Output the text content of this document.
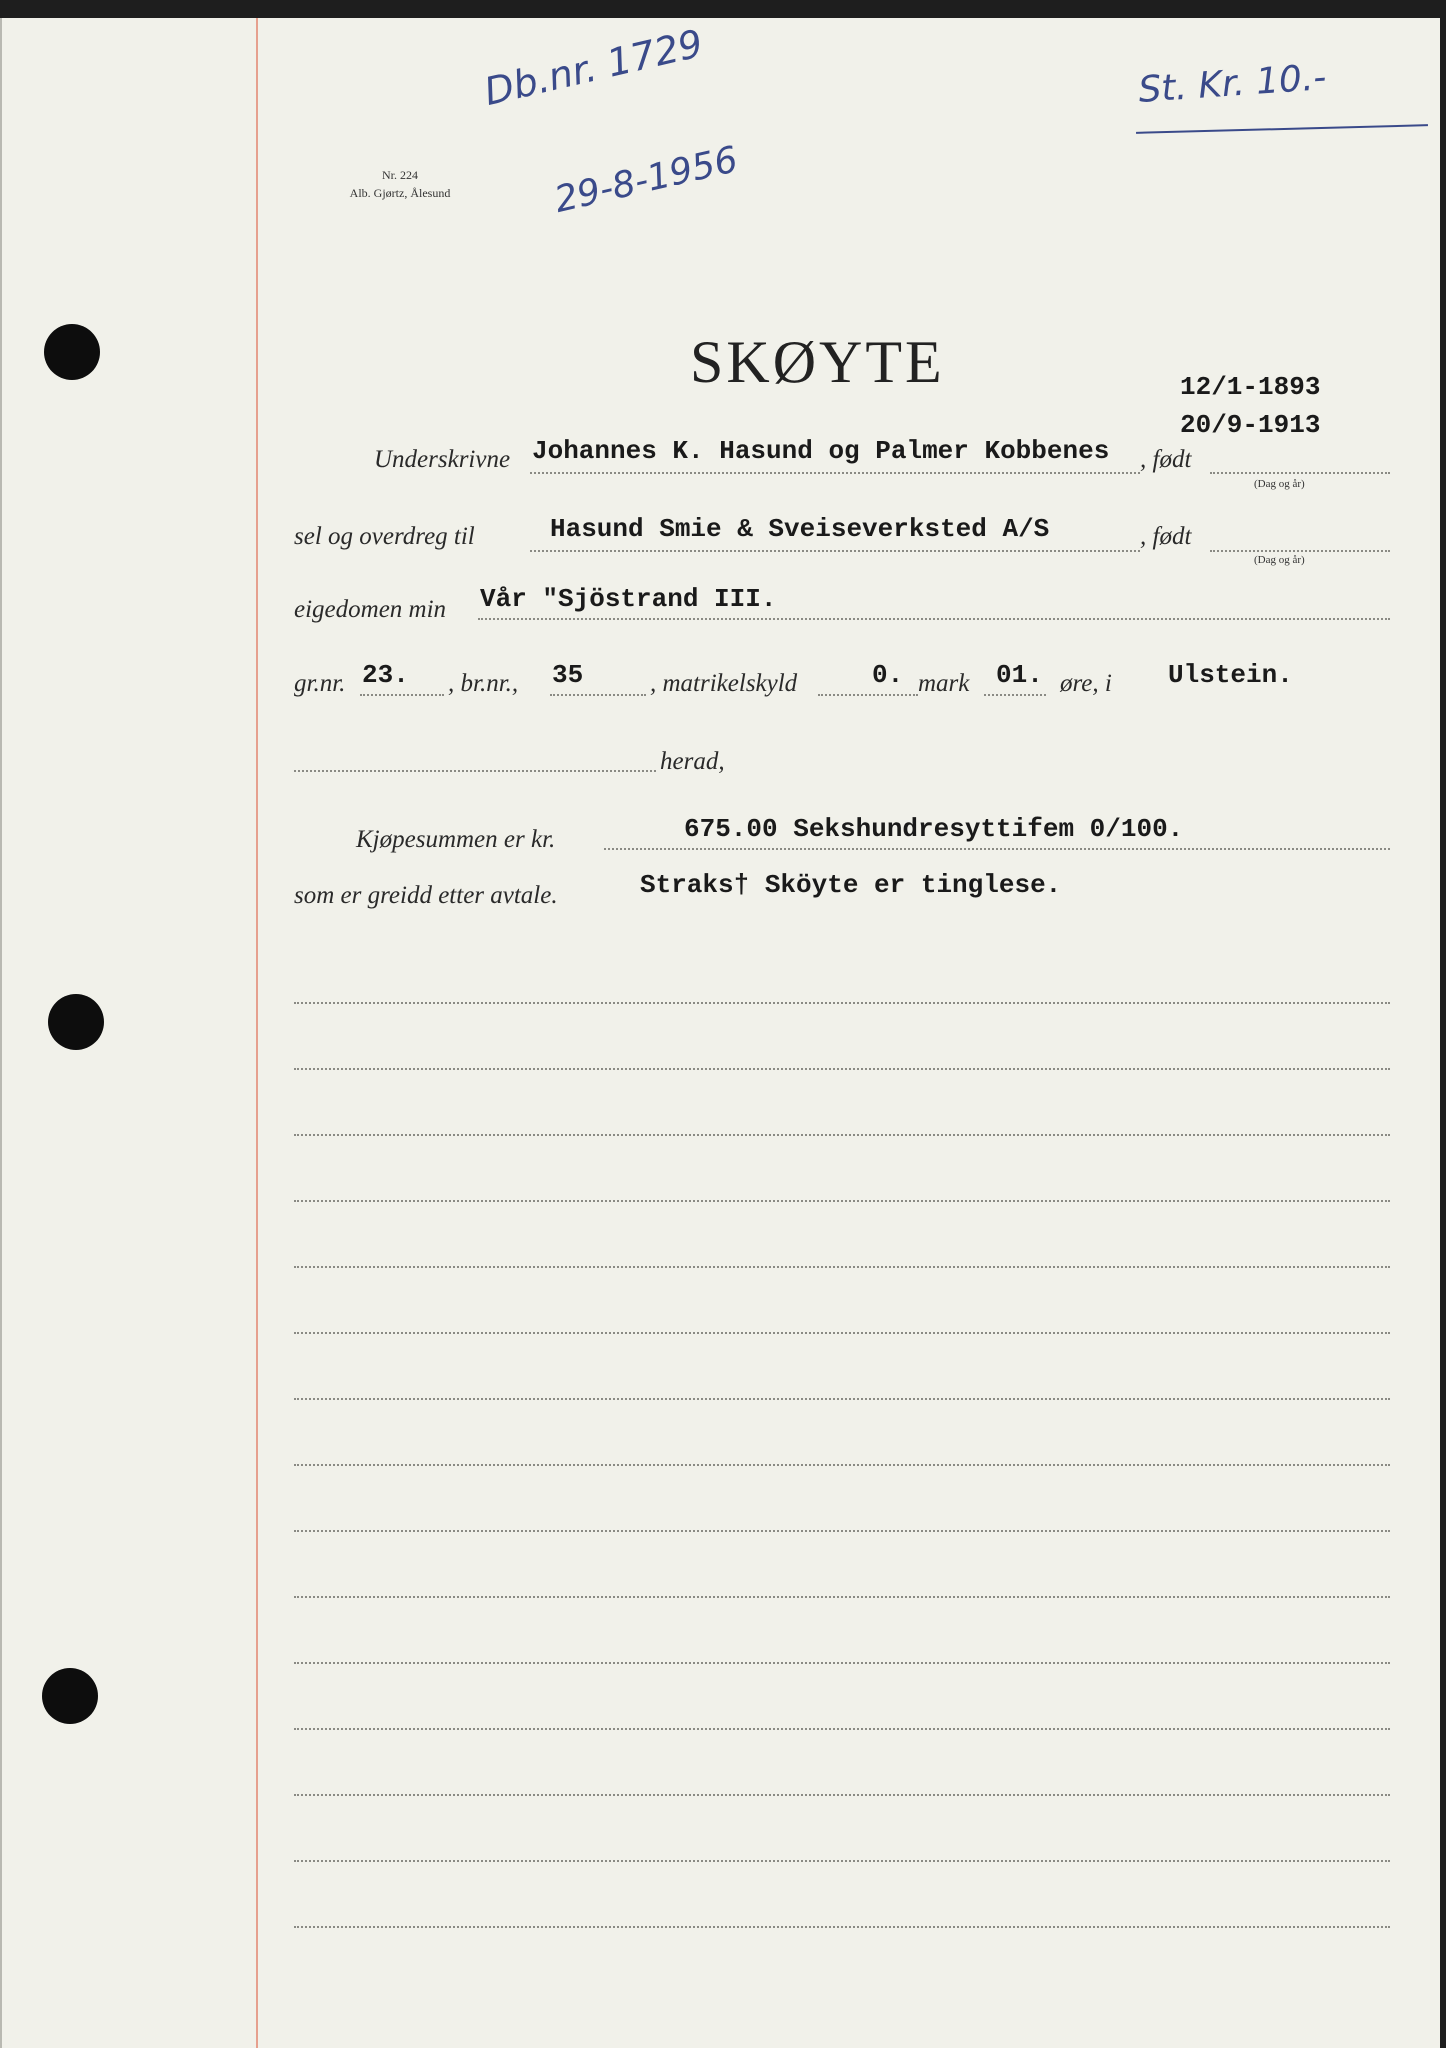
Nr. 224
Alb. Gjørtz, Ålesund
Db.nr. 1729
29-8-1956
St. Kr. 10.-
SKØYTE	12/1-1893
20/9-1913
Underskrivne Johannes K. Hasund og Palmer Kobbenes , født
(Dag og år)
sel og overdreg til	Hasund Smie & Sveiseverksted A/S	, født
(Dag og år)
eigedomen min Vår "Sjöstrand III.
gr.nr. 23. , br.nr., 35	, matrikelskyld	0. mark 01. øre, i Ulstein.
herad,
Kjøpesummen er kr.	675.00 Sekshundresyttifem 0/100.
som er greidd etter avtale.	Straks† Sköyte er tinglese.
